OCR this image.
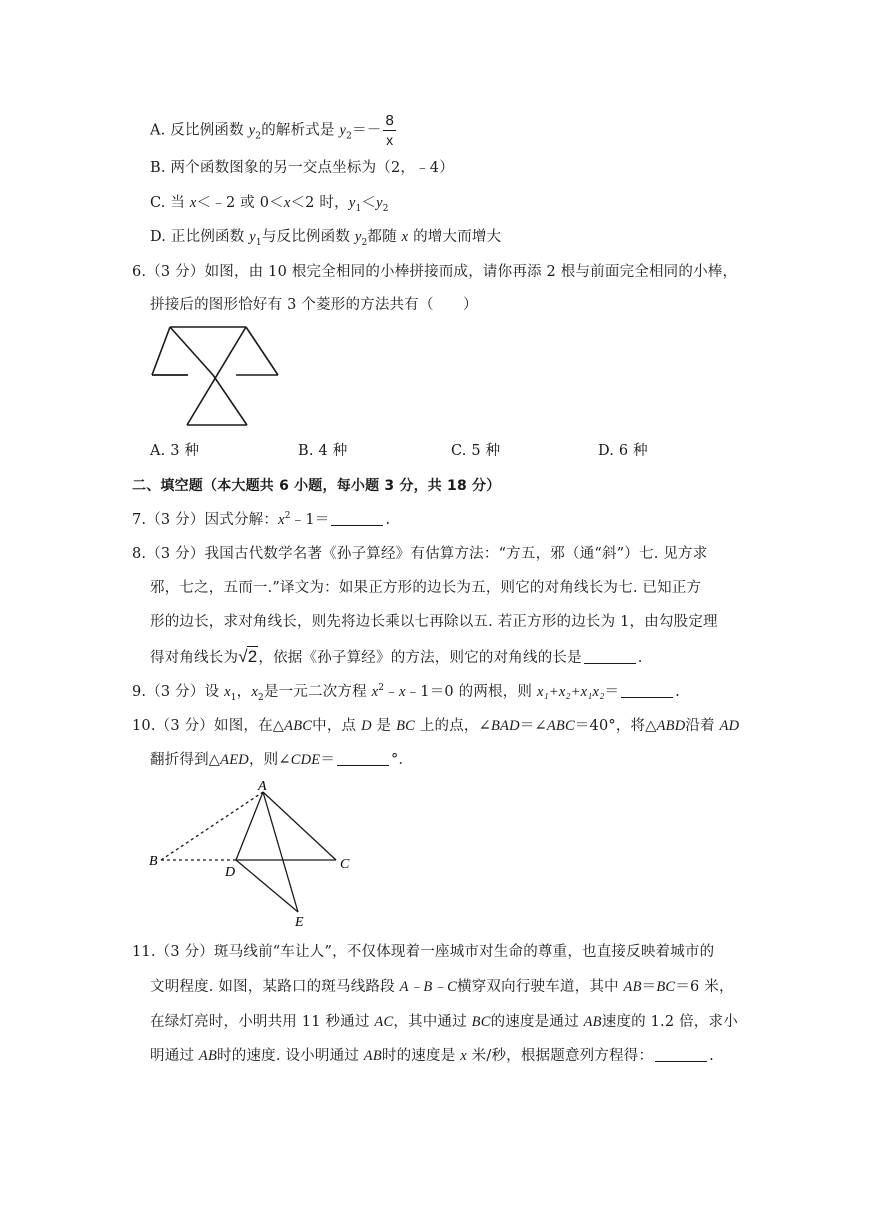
A. 反比例函数 $y_2$的解析式是 $y_2=- \frac{8}{x}$
B. 两个函数图象的另一交点坐标为（2，﹣4）
C. 当 x＜﹣2 或 0＜x＜2 时，$y_1<y_2$
D. 正比例函数 $y_1$与反比例函数 $y_2$都随 x 的增大而增大
6.（3 分）如图，由 10 根完全相同的小棒拼接而成，请你再添 2 根与前面完全相同的小棒，
拼接后的图形恰好有 3 个菱形的方法共有（　　）
A. 3 种	B. 4 种	C. 5 种	D. 6 种
二、填空题（本大题共 6 小题，每小题 3 分，共 18 分）
7.（3 分）因式分解：$x^2﹣1=$	.
8.（3 分）我国古代数学名著《孙子算经》有估算方法：“方五，邪（通“斜”）七. 见方求
邪，七之，五而一.”译文为：如果正方形的边长为五，则它的对角线长为七. 已知正方
形的边长，求对角线长，则先将边长乘以七再除以五. 若正方形的边长为 1，由勾股定理
得对角线长为√2，依据《孙子算经》的方法，则它的对角线的长是	.
9.（3 分）设 $x_1$，$x_2$是一元二次方程 $x^2﹣x﹣1=0$ 的两根，则 x₁+x₂+x₁x₂＝	.
10.（3 分）如图，在△ABC中，点 D 是 BC 上的点，∠BAD＝∠ABC＝40°，将△ABD沿着 AD
翻折得到△AED，则∠CDE＝	°．
A
B	C
D
E
11.（3 分）斑马线前“车让人”，不仅体现着一座城市对生命的尊重，也直接反映着城市的
文明程度. 如图，某路口的斑马线路段 A﹣B﹣C横穿双向行驶车道，其中 AB＝BC＝6 米，
在绿灯亮时，小明共用 11 秒通过 AC，其中通过 BC的速度是通过 AB速度的 1.2 倍，求小
明通过 AB时的速度. 设小明通过 AB时的速度是 x 米/秒，根据题意列方程得：	.
